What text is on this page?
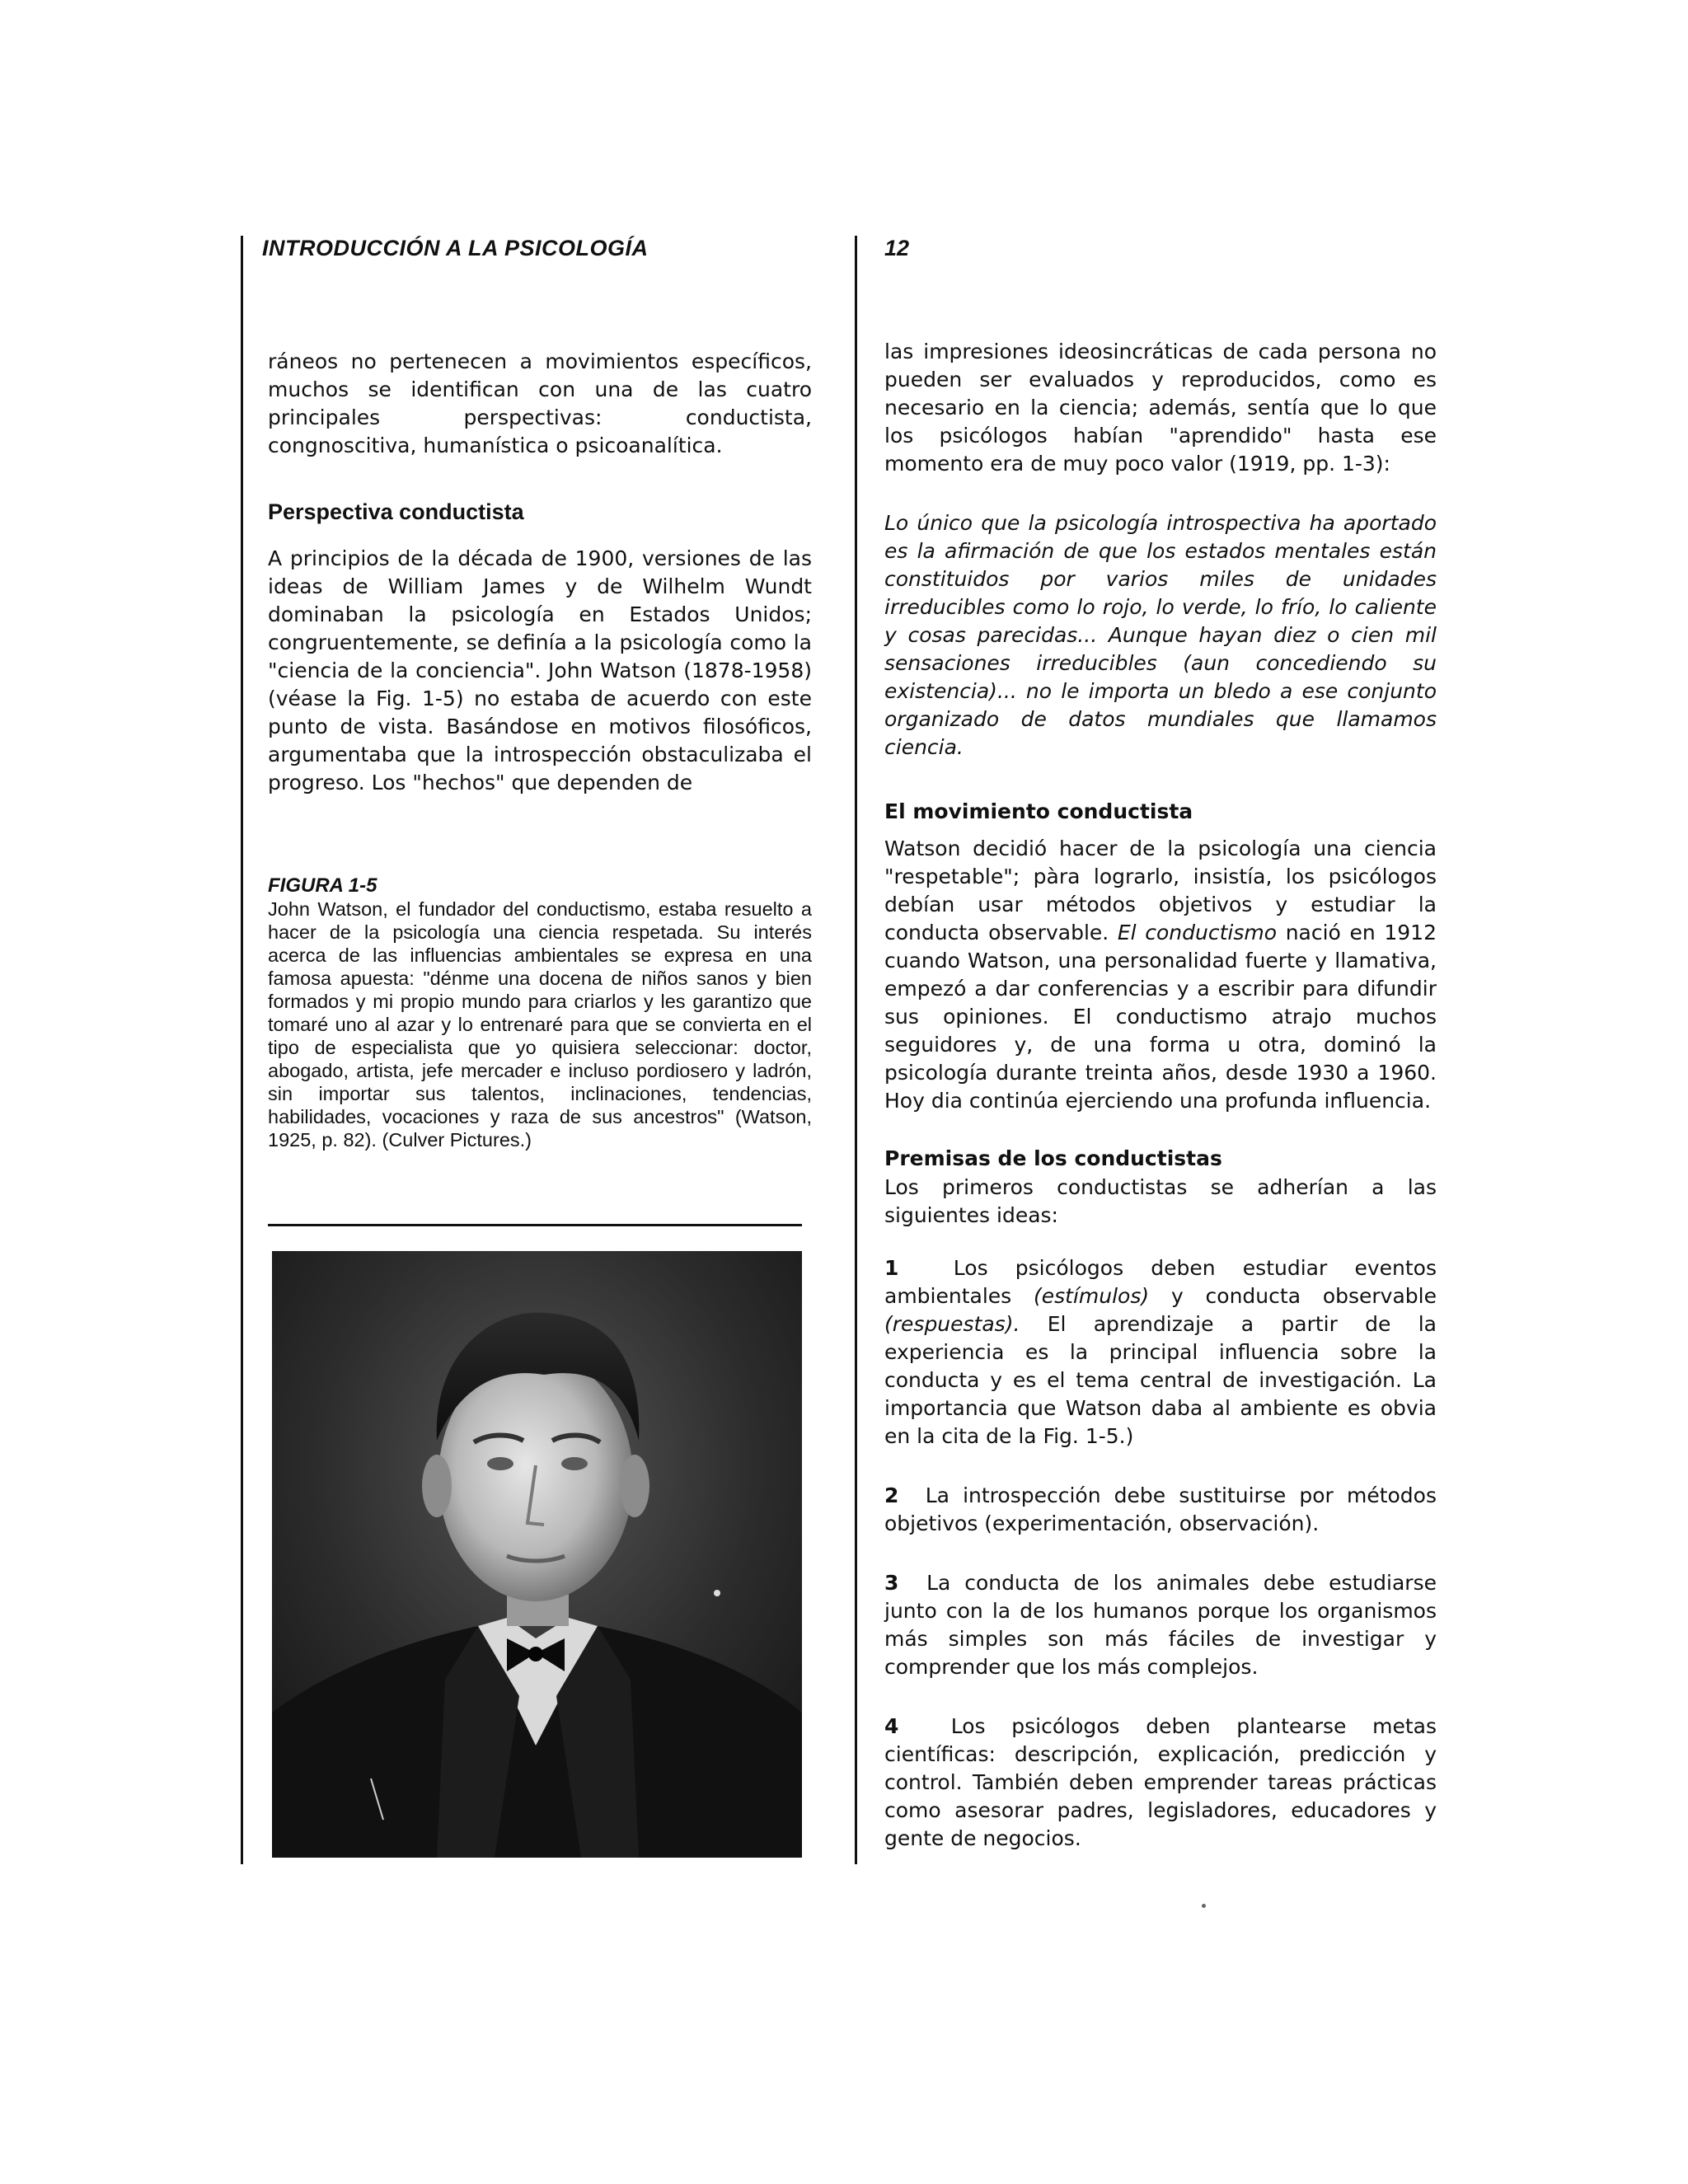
INTRODUCCIÓN A LA PSICOLOGÍA	12

ráneos no pertenecen a movimientos específicos, muchos se identifican con una de las cuatro principales perspectivas: conductista, congnoscitiva, humanística o psicoanalítica.

Perspectiva conductista

A principios de la década de 1900, versiones de las ideas de William James y de Wilhelm Wundt dominaban la psicología en Estados Unidos; congruentemente, se definía a la psicología como la "ciencia de la conciencia". John Watson (1878-1958) (véase la Fig. 1-5) no estaba de acuerdo con este punto de vista. Basándose en motivos filosóficos, argumentaba que la introspección obstaculizaba el progreso. Los "hechos" que dependen de

FIGURA 1-5

John Watson, el fundador del conductismo, estaba resuelto a hacer de la psicología una ciencia respetada. Su interés acerca de las influencias ambientales se expresa en una famosa apuesta: "dénme una docena de niños sanos y bien formados y mi propio mundo para criarlos y les garantizo que tomaré uno al azar y lo entrenaré para que se convierta en el tipo de especialista que yo quisiera seleccionar: doctor, abogado, artista, jefe mercader e incluso pordiosero y ladrón, sin importar sus talentos, inclinaciones, tendencias, habilidades, vocaciones y raza de sus ancestros" (Watson, 1925, p. 82). (Culver Pictures.)

las impresiones ideosincráticas de cada persona no pueden ser evaluados y reproducidos, como es necesario en la ciencia; además, sentía que lo que los psicólogos habían "aprendido" hasta ese momento era de muy poco valor (1919, pp. 1-3):

Lo único que la psicología introspectiva ha aportado es la afirmación de que los estados mentales están constituidos por varios miles de unidades irreducibles como lo rojo, lo verde, lo frío, lo caliente y cosas parecidas... Aunque hayan diez o cien mil sensaciones irreducibles (aun concediendo su existencia)... no le importa un bledo a ese conjunto organizado de datos mundiales que llamamos ciencia.

El movimiento conductista

Watson decidió hacer de la psicología una ciencia "respetable"; pàra lograrlo, insistía, los psicólogos debían usar métodos objetivos y estudiar la conducta observable. El conductismo nació en 1912 cuando Watson, una personalidad fuerte y llamativa, empezó a dar conferencias y a escribir para difundir sus opiniones. El conductismo atrajo muchos seguidores y, de una forma u otra, dominó la psicología durante treinta años, desde 1930 a 1960. Hoy dia continúa ejerciendo una profunda influencia.

Premisas de los conductistas

Los primeros conductistas se adherían a las siguientes ideas:

1	Los psicólogos deben estudiar eventos ambientales (estímulos) y conducta observable (respuestas). El aprendizaje a partir de la experiencia es la principal influencia sobre la conducta y es el tema central de investigación. La importancia que Watson daba al ambiente es obvia en la cita de la Fig. 1-5.)

2 La introspección debe sustituirse por métodos objetivos (experimentación, observación).

3 La conducta de los animales debe estudiarse junto con la de los humanos porque los organismos más simples son más fáciles de investigar y comprender que los más complejos.

4	Los psicólogos deben plantearse metas científicas: descripción, explicación, predicción y control. También deben emprender tareas prácticas como asesorar padres, legisladores, educadores y gente de negocios.
